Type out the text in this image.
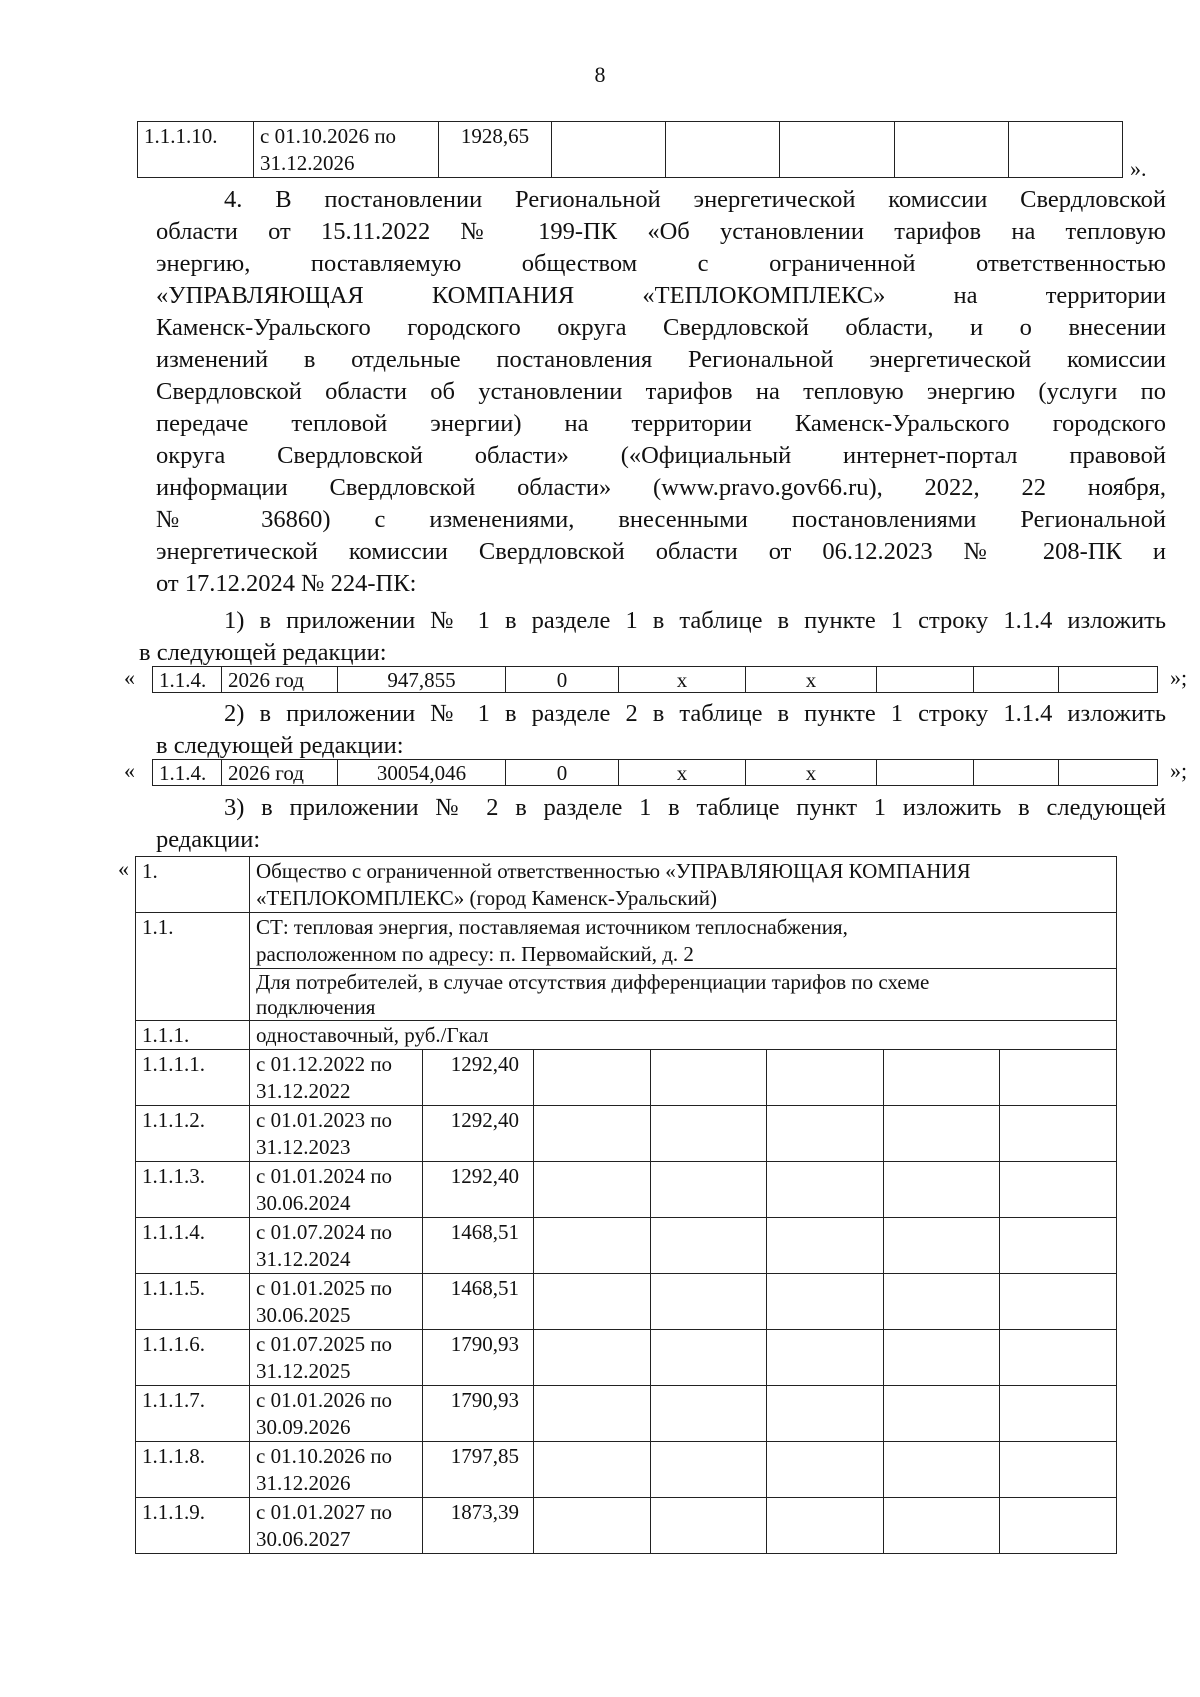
8
1.1.1.10.	с 01.10.2026 по
31.12.2026	1928,65					
».
4. В постановлении Региональной энергетической комиссии Свердловской
области от 15.11.2022 № 199-ПК «Об установлении тарифов на тепловую
энергию, поставляемую обществом с ограниченной ответственностью
«УПРАВЛЯЮЩАЯ КОМПАНИЯ «ТЕПЛОКОМПЛЕКС» на территории
Каменск-Уральского городского округа Свердловской области, и о внесении
изменений в отдельные постановления Региональной энергетической комиссии
Свердловской области об установлении тарифов на тепловую энергию (услуги по
передаче тепловой энергии) на территории Каменск-Уральского городского
округа Свердловской области» («Официальный интернет-портал правовой
информации Свердловской области» (www.pravo.gov66.ru), 2022, 22 ноября,
№ 36860) с изменениями, внесенными постановлениями Региональной
энергетической комиссии Свердловской области от 06.12.2023 № 208-ПК и
от 17.12.2024 № 224-ПК:
1) в приложении № 1 в разделе 1 в таблице в пункте 1 строку 1.1.4 изложить
в следующей редакции:
« 1.1.4.	2026 год	947,855	0	x	x				»;
2) в приложении № 1 в разделе 2 в таблице в пункте 1 строку 1.1.4 изложить
в следующей редакции:
« 1.1.4.	2026 год	30054,046	0	x	x				»;
3) в приложении № 2 в разделе 1 в таблице пункт 1 изложить в следующей
редакции:
« 1.	Общество с ограниченной ответственностью «УПРАВЛЯЮЩАЯ КОМПАНИЯ
«ТЕПЛОКОМПЛЕКС» (город Каменск-Уральский)						
1.1.	СТ: тепловая энергия, поставляемая источником теплоснабжения,
расположенном по адресу: п. Первомайский, д. 2						
	Для потребителей, в случае отсутствия дифференциации тарифов по схеме
подключения						
1.1.1.	одноставочный, руб./Гкал						
1.1.1.1.	с 01.12.2022 по
31.12.2022	1292,40					
1.1.1.2.	с 01.01.2023 по
31.12.2023	1292,40					
1.1.1.3.	с 01.01.2024 по
30.06.2024	1292,40					
1.1.1.4.	с 01.07.2024 по
31.12.2024	1468,51					
1.1.1.5.	с 01.01.2025 по
30.06.2025	1468,51					
1.1.1.6.	с 01.07.2025 по
31.12.2025	1790,93					
1.1.1.7.	с 01.01.2026 по
30.09.2026	1790,93					
1.1.1.8.	с 01.10.2026 по
31.12.2026	1797,85					
1.1.1.9.	с 01.01.2027 по
30.06.2027	1873,39					
